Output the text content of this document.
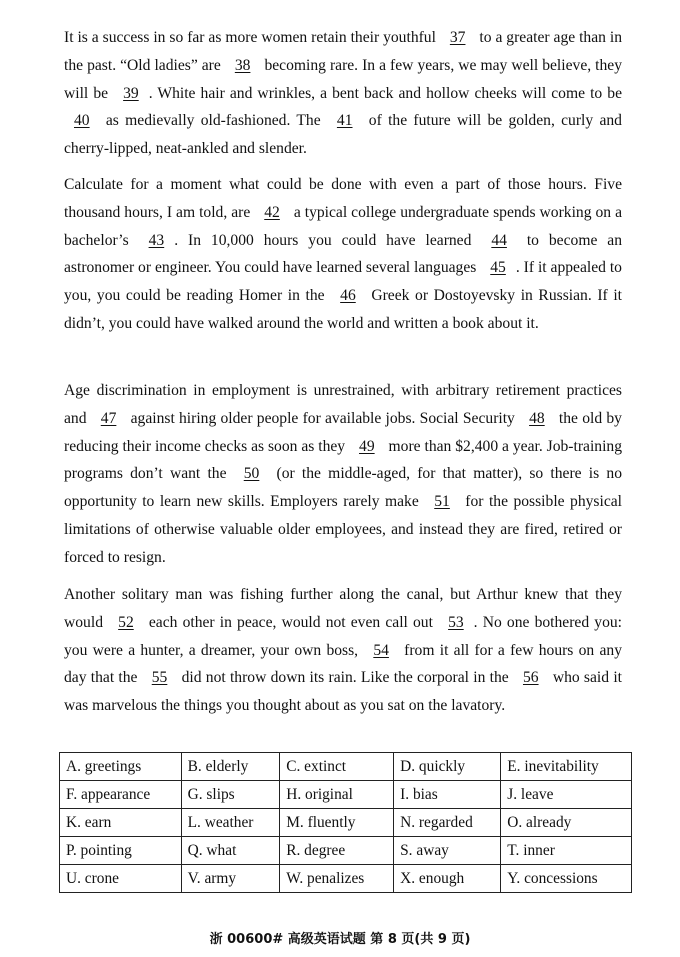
It is a success in so far as more women retain their youthful 37 to a greater age than in the past. “Old ladies” are 38 becoming rare. In a few years, we may well believe, they will be 39 . White hair and wrinkles, a bent back and hollow cheeks will come to be 40 as medievally old-fashioned. The 41 of the future will be golden, curly and cherry-lipped, neat-ankled and slender.

Calculate for a moment what could be done with even a part of those hours. Five thousand hours, I am told, are 42 a typical college undergraduate spends working on a bachelor’s 43 . In 10,000 hours you could have learned 44 to become an astronomer or engineer. You could have learned several languages 45 . If it appealed to you, you could be reading Homer in the 46 Greek or Dostoyevsky in Russian. If it didn’t, you could have walked around the world and written a book about it.

Age discrimination in employment is unrestrained, with arbitrary retirement practices and 47 against hiring older people for available jobs. Social Security 48 the old by reducing their income checks as soon as they 49 more than $2,400 a year. Job-training programs don’t want the 50 (or the middle-aged, for that matter), so there is no opportunity to learn new skills. Employers rarely make 51 for the possible physical limitations of otherwise valuable older employees, and instead they are fired, retired or forced to resign.

Another solitary man was fishing further along the canal, but Arthur knew that they would 52 each other in peace, would not even call out 53 . No one bothered you: you were a hunter, a dreamer, your own boss, 54 from it all for a few hours on any day that the 55 did not throw down its rain. Like the corporal in the 56 who said it was marvelous the things you thought about as you sat on the lavatory.

A. greetings	B. elderly	C. extinct	D. quickly	E. inevitability
F. appearance	G. slips	H. original	I. bias	J. leave
K. earn	L. weather	M. fluently	N. regarded	O. already
P. pointing	Q. what	R. degree	S. away	T. inner
U. crone	V. army	W. penalizes	X. enough	Y. concessions
浙 00600# 高级英语试题 第 8 页(共 9 页)
